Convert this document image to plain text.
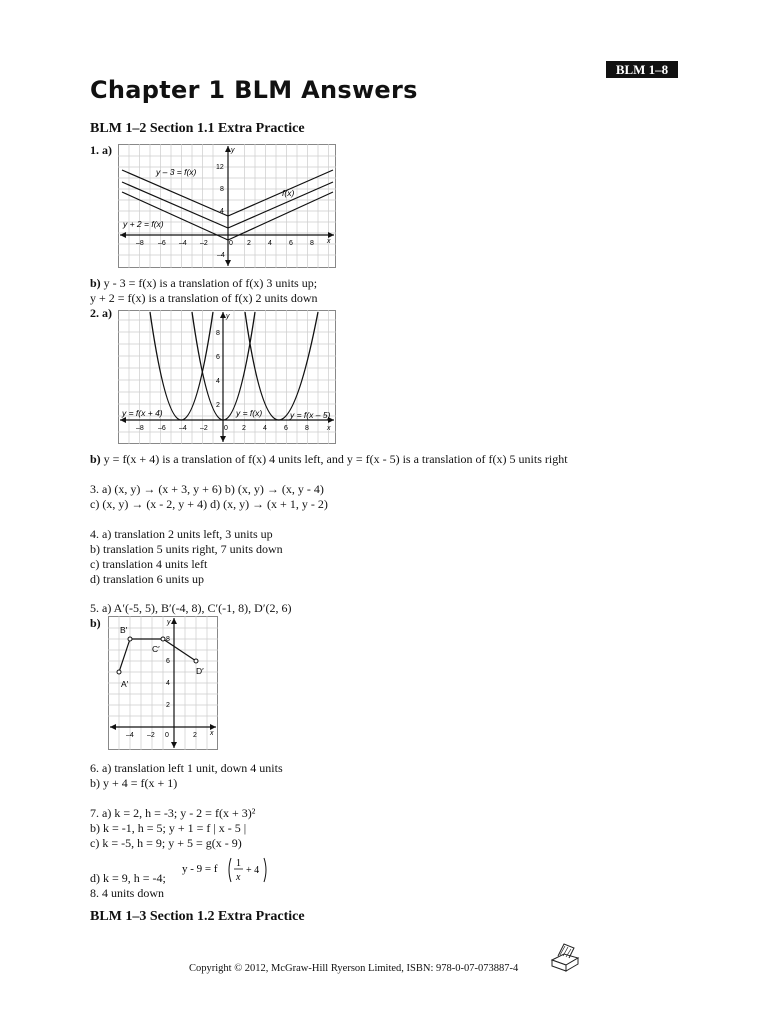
BLM 1–8
Chapter 1 BLM Answers
BLM 1–2 Section 1.1 Extra Practice
1. a)
y – 3 = f(x)
f(x)
y + 2 = f(x)
–8 –6 –4 –2	0 2 4 6 8 x
12
8
4
–4
y
b) y - 3 = f(x) is a translation of f(x) 3 units up;
y + 2 = f(x) is a translation of f(x) 2 units down
2. a)
y = f(x + 4)	y = f(x)	y = f(x – 5)
–8 –6 –4 –2 0 2 4 6 8	x
8
6
4
2
y
b) y = f(x + 4) is a translation of f(x) 4 units left, and y = f(x - 5) is a translation of f(x) 5 units right
3. a) (x, y) → (x + 3, y + 6) b) (x, y) → (x, y - 4)
c) (x, y) → (x - 2, y + 4) d) (x, y) → (x + 1, y - 2)
4. a) translation 2 units left, 3 units up
b) translation 5 units right, 7 units down
c) translation 4 units left
d) translation 6 units up
5. a) A′(-5, 5), B′(-4, 8), C′(-1, 8), D′(2, 6)
b)
A′
B′
C′
D′
–4 –2 0	2 x
8
6
4
2
y
6. a) translation left 1 unit, down 4 units
b) y + 4 = f(x + 1)
7. a) k = 2, h = -3; y - 2 = f(x + 3)²
b) k = -1, h = 5; y + 1 = f | x - 5 |
c) k = -5, h = 9; y + 5 = g(x - 9)
y - 9 = f 1
x
+ 4
d) k = 9, h = -4;
8. 4 units down
BLM 1–3 Section 1.2 Extra Practice
Copyright © 2012, McGraw-Hill Ryerson Limited, ISBN: 978-0-07-073887-4
